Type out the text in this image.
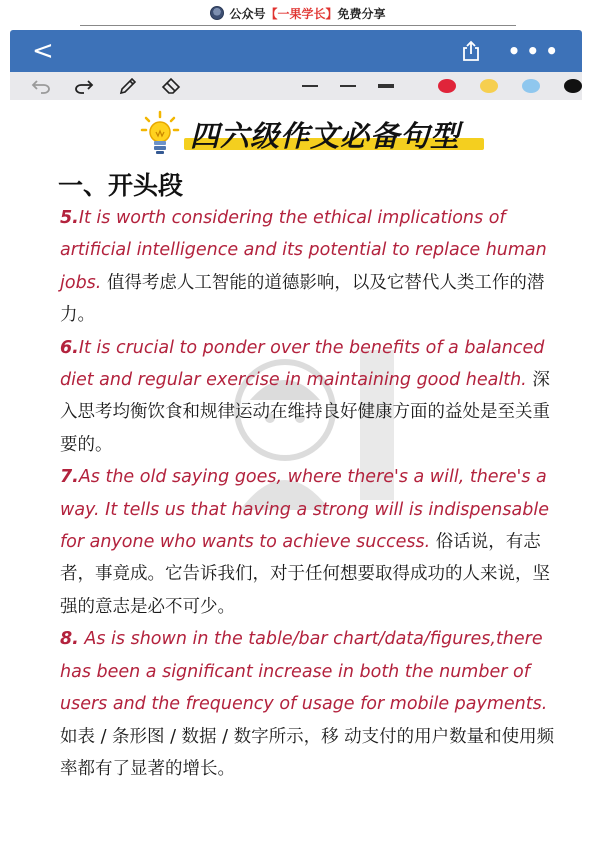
公众号 【一果学长】 免费分享
<	•••
四六级作文必备句型
一、开头段

5.It is worth considering the ethical implications of artificial intelligence and its potential to replace human jobs. 值得考虑人工智能的道德影响，以及它替代人类工作的潜力。

6.It is crucial to ponder over the benefits of a balanced diet and regular exercise in maintaining good health. 深入思考均衡饮食和规律运动在维持良好健康方面的益处是至关重要的。

7.As the old saying goes, where there's a will, there's a way. It tells us that having a strong will is indispensable for anyone who wants to achieve success. 俗话说，有志者，事竟成。它告诉我们，对于任何想要取得成功的人来说，坚强的意志是必不可少。

8. As is shown in the table/bar chart/data/figures,there has been a significant increase in both the number of users and the frequency of usage for mobile payments. 如表 / 条形图 / 数据 / 数字所示，移 动支付的用户数量和使用频率都有了显著的增长。
